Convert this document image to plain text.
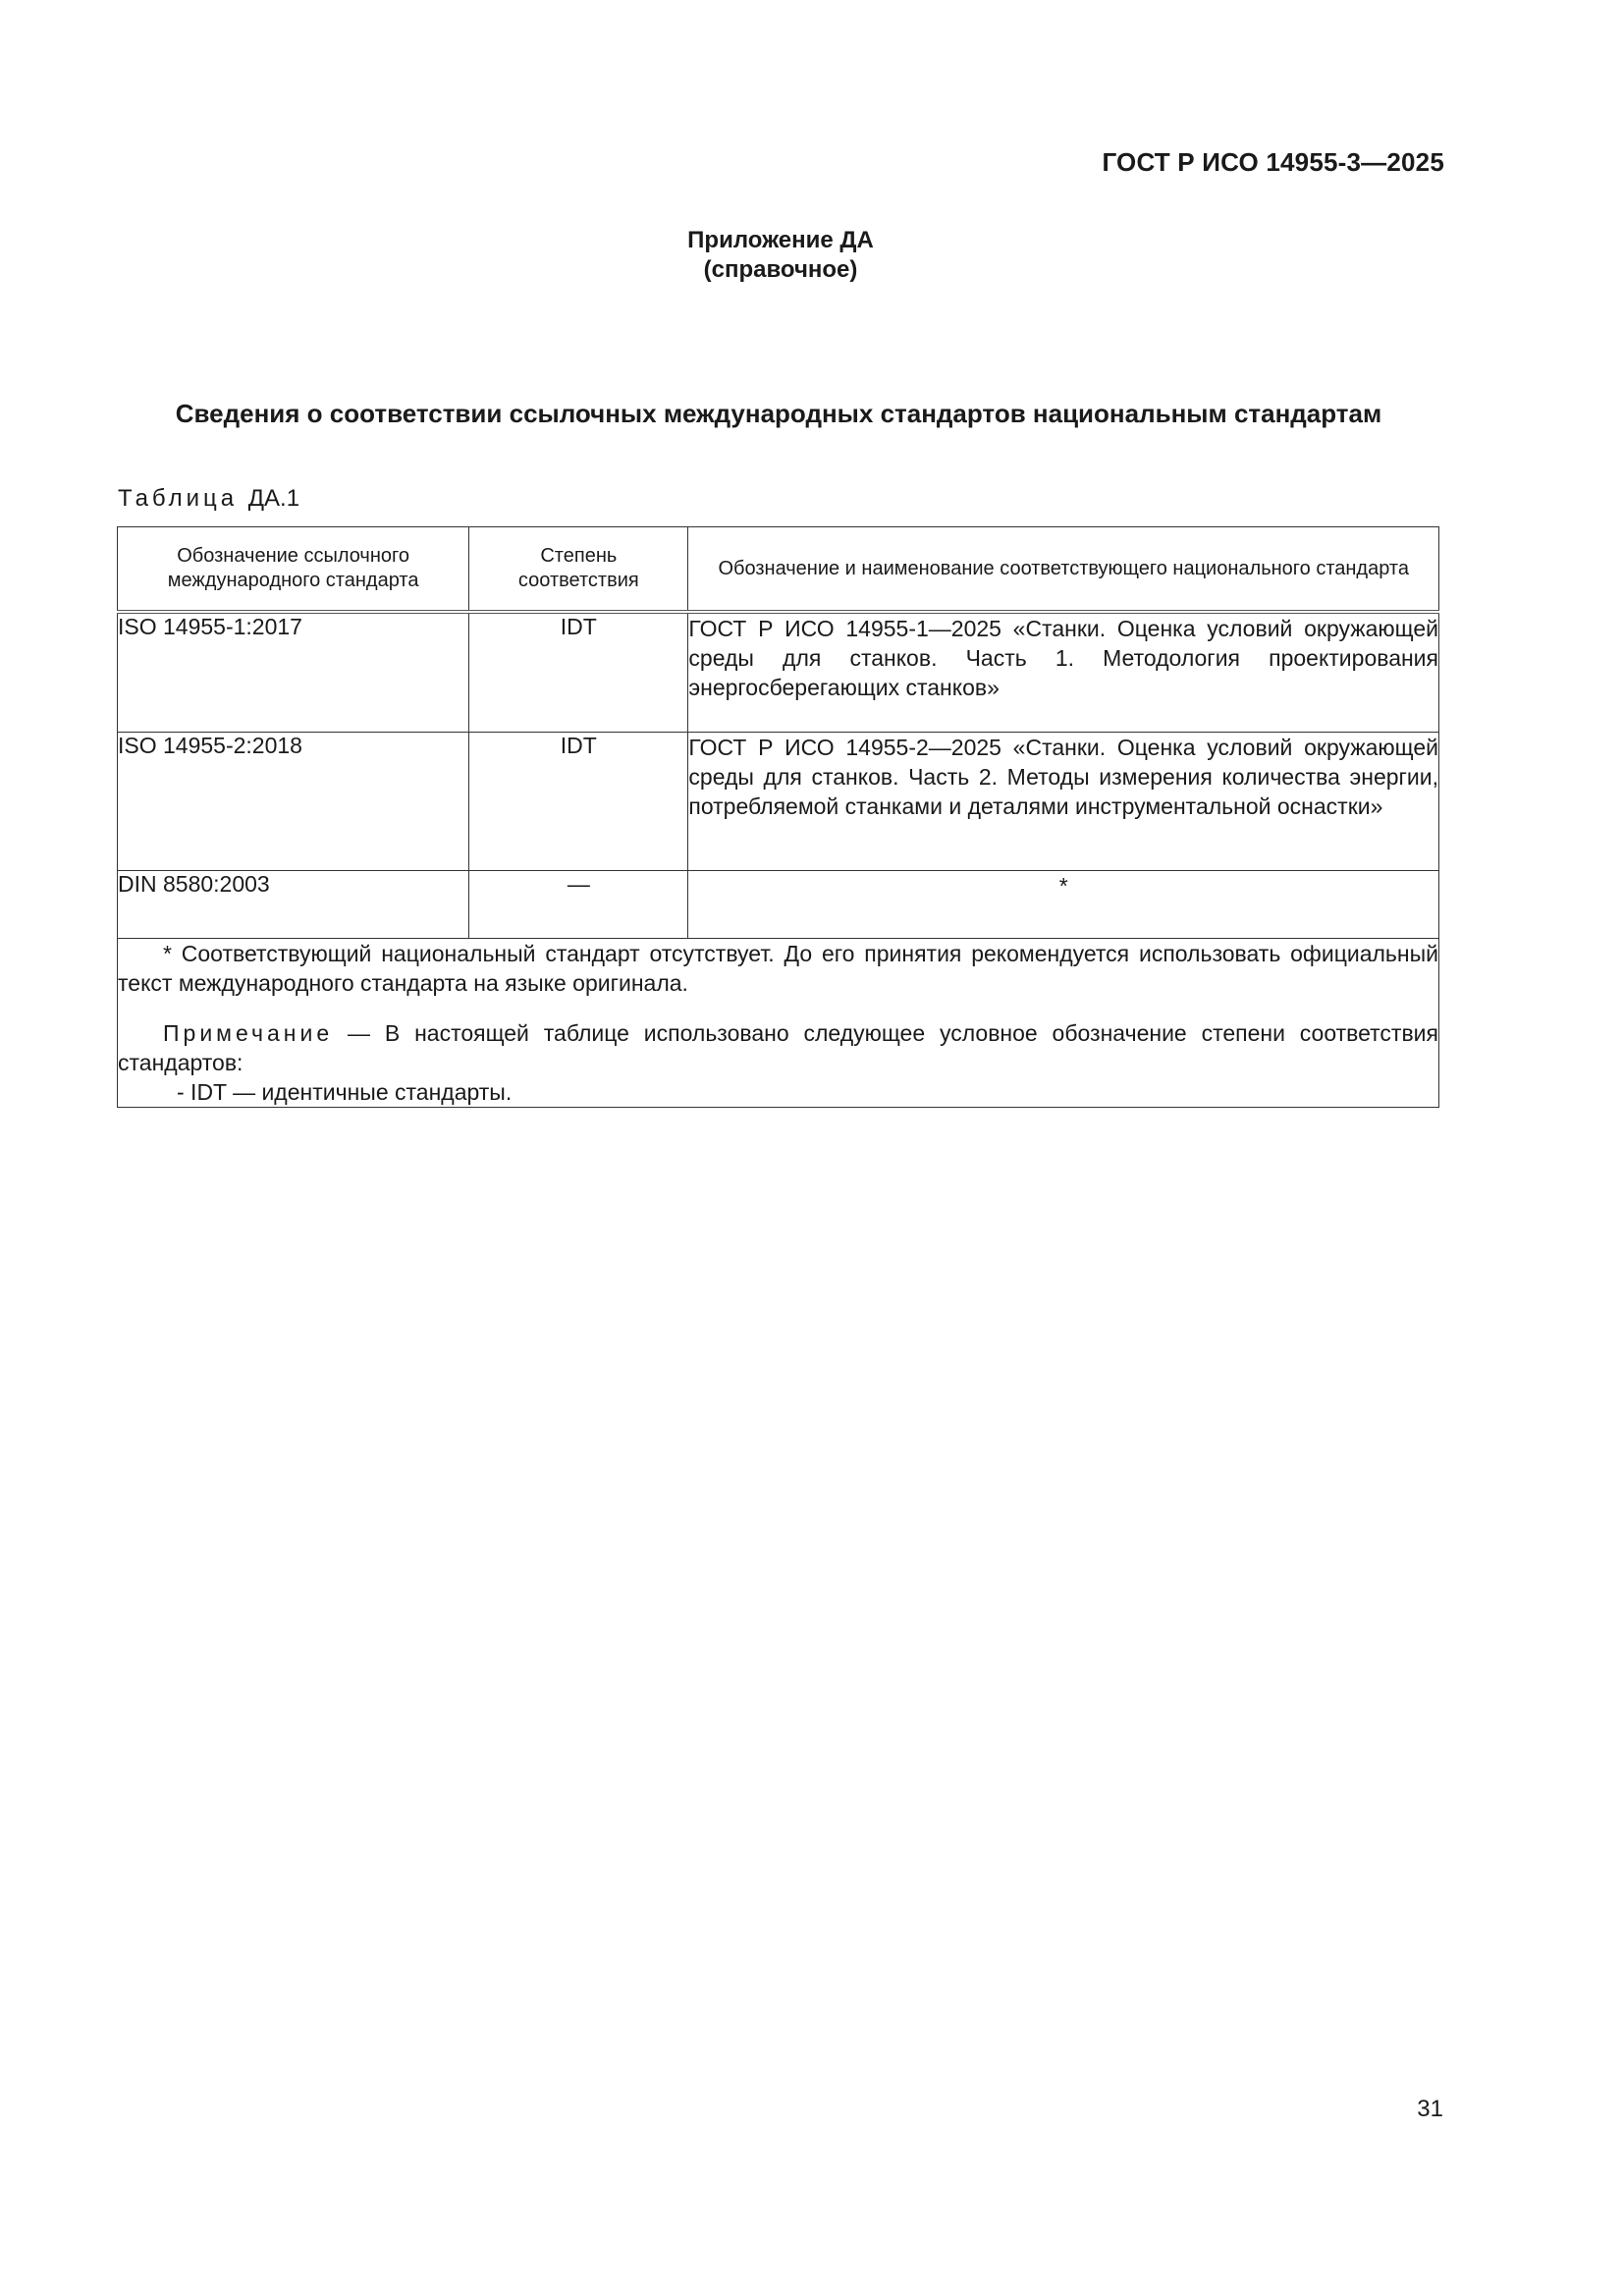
ГОСТ Р ИСО 14955-3—2025
Приложение ДА
(справочное)
Сведения о соответствии ссылочных международных стандартов национальным стандартам
Таблица ДА.1
Обозначение ссылочного международного стандарта	Степень соответствия	Обозначение и наименование соответствующего национального стандарта
ISO 14955-1:2017	IDT	ГОСТ Р ИСО 14955-1—2025 «Станки. Оценка условий окружающей среды для станков. Часть 1. Методология проектирования энергосберегающих станков»
ISO 14955-2:2018	IDT	ГОСТ Р ИСО 14955-2—2025 «Станки. Оценка условий окружающей среды для станков. Часть 2. Методы измерения количества энергии, потребляемой станками и деталями инструментальной оснастки»
DIN 8580:2003	—	*

* Соответствующий национальный стандарт отсутствует. До его принятия рекомендуется использовать официальный текст международного стандарта на языке оригинала.

Примечание — В настоящей таблице использовано следующее условное обозначение степени соответствия стандартов:

- IDT — идентичные стандарты.		

31
